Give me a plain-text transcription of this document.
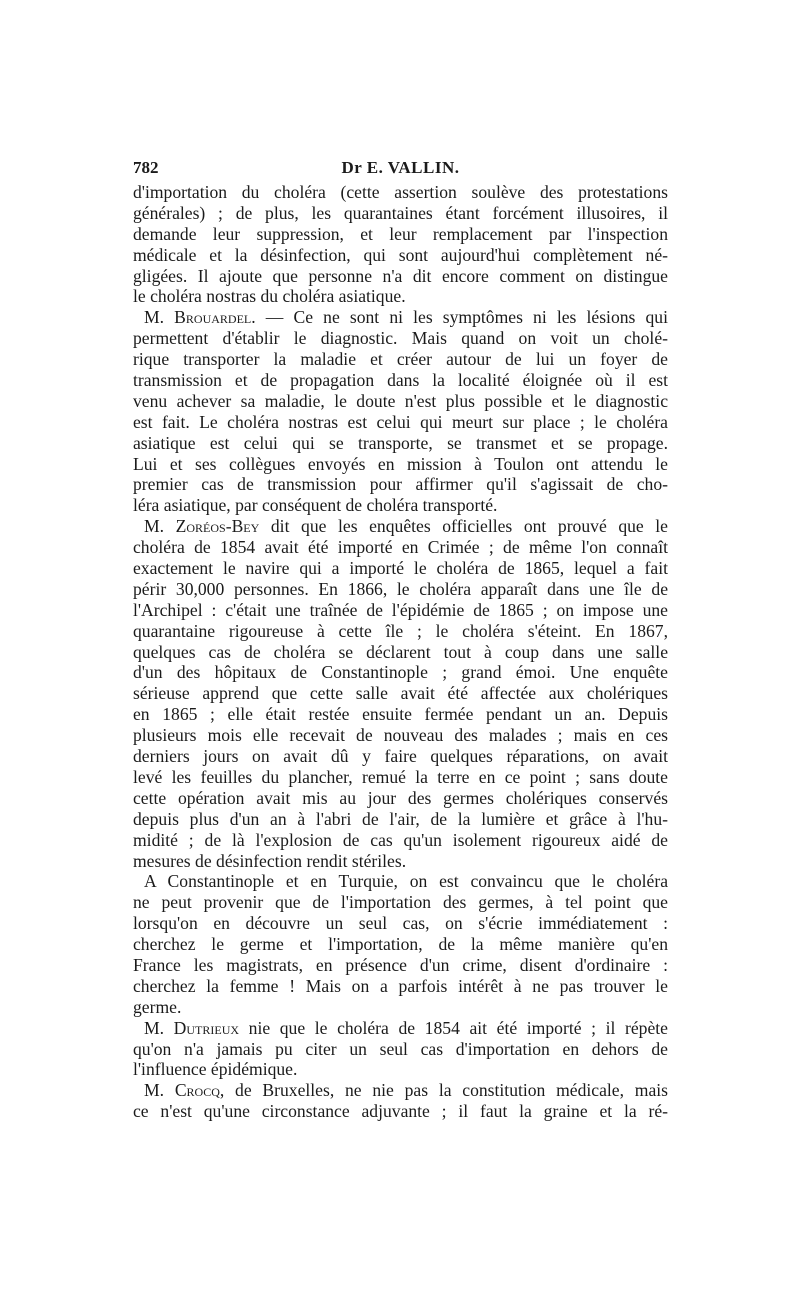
782	Dr E. VALLIN.
d'importation du choléra (cette assertion soulève des protestations
générales) ; de plus, les quarantaines étant forcément illusoires, il
demande leur suppression, et leur remplacement par l'inspection
médicale et la désinfection, qui sont aujourd'hui complètement né-
gligées. Il ajoute que personne n'a dit encore comment on distingue
le choléra nostras du choléra asiatique.
M. Brouardel. — Ce ne sont ni les symptômes ni les lésions qui
permettent d'établir le diagnostic. Mais quand on voit un cholé-
rique transporter la maladie et créer autour de lui un foyer de
transmission et de propagation dans la localité éloignée où il est
venu achever sa maladie, le doute n'est plus possible et le diagnostic
est fait. Le choléra nostras est celui qui meurt sur place ; le choléra
asiatique est celui qui se transporte, se transmet et se propage.
Lui et ses collègues envoyés en mission à Toulon ont attendu le
premier cas de transmission pour affirmer qu'il s'agissait de cho-
léra asiatique, par conséquent de choléra transporté.
M. Zoréos-Bey dit que les enquêtes officielles ont prouvé que le
choléra de 1854 avait été importé en Crimée ; de même l'on connaît
exactement le navire qui a importé le choléra de 1865, lequel a fait
périr 30,000 personnes. En 1866, le choléra apparaît dans une île de
l'Archipel : c'était une traînée de l'épidémie de 1865 ; on impose une
quarantaine rigoureuse à cette île ; le choléra s'éteint. En 1867,
quelques cas de choléra se déclarent tout à coup dans une salle
d'un des hôpitaux de Constantinople ; grand émoi. Une enquête
sérieuse apprend que cette salle avait été affectée aux cholériques
en 1865 ; elle était restée ensuite fermée pendant un an. Depuis
plusieurs mois elle recevait de nouveau des malades ; mais en ces
derniers jours on avait dû y faire quelques réparations, on avait
levé les feuilles du plancher, remué la terre en ce point ; sans doute
cette opération avait mis au jour des germes cholériques conservés
depuis plus d'un an à l'abri de l'air, de la lumière et grâce à l'hu-
midité ; de là l'explosion de cas qu'un isolement rigoureux aidé de
mesures de désinfection rendit stériles.
A Constantinople et en Turquie, on est convaincu que le choléra
ne peut provenir que de l'importation des germes, à tel point que
lorsqu'on en découvre un seul cas, on s'écrie immédiatement :
cherchez le germe et l'importation, de la même manière qu'en
France les magistrats, en présence d'un crime, disent d'ordinaire :
cherchez la femme ! Mais on a parfois intérêt à ne pas trouver le
germe.
M. Dutrieux nie que le choléra de 1854 ait été importé ; il répète
qu'on n'a jamais pu citer un seul cas d'importation en dehors de
l'influence épidémique.
M. Crocq, de Bruxelles, ne nie pas la constitution médicale, mais
ce n'est qu'une circonstance adjuvante ; il faut la graine et la ré-
